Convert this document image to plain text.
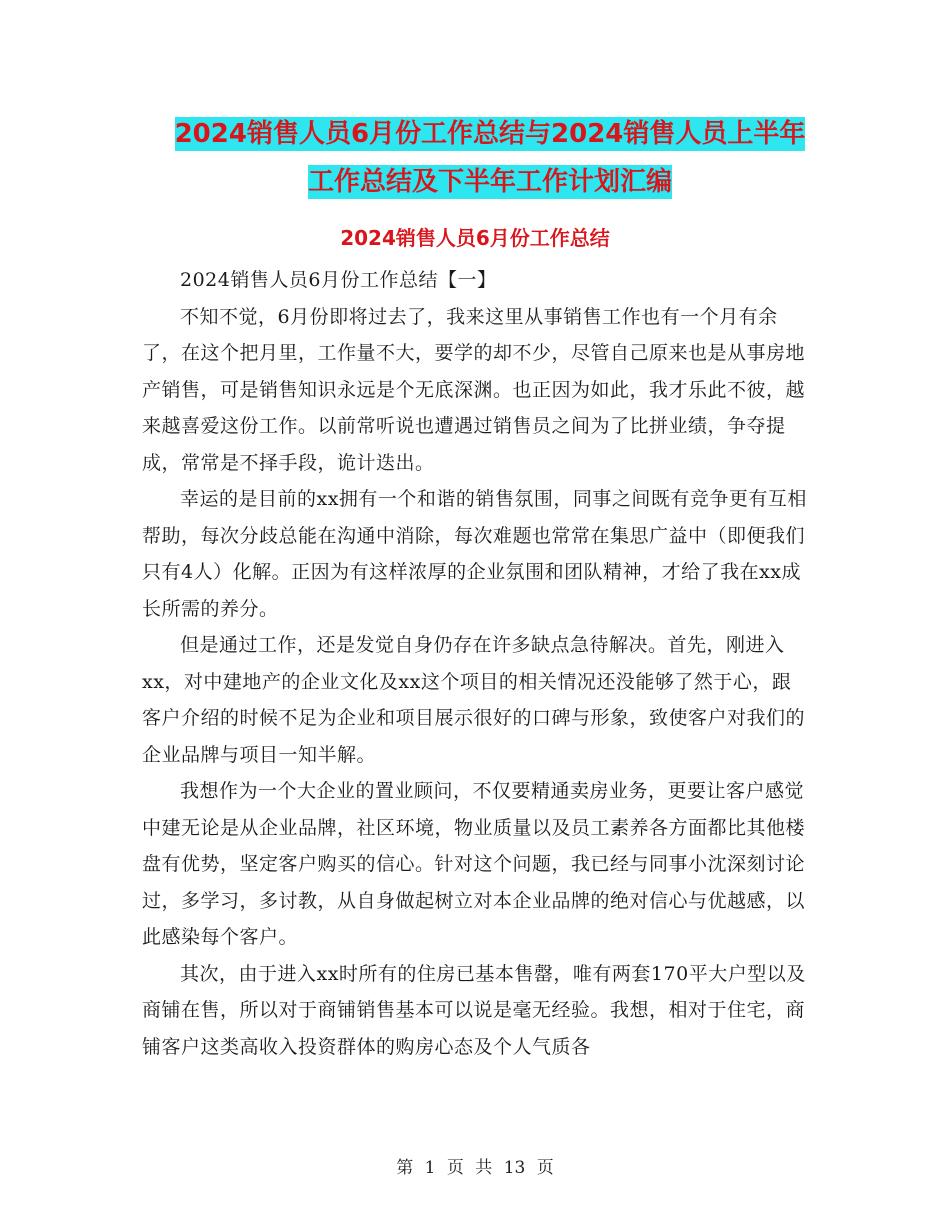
2024销售人员6月份工作总结与2024销售人员上半年
工作总结及下半年工作计划汇编
2024销售人员6月份工作总结

2024销售人员6月份工作总结【一】

不知不觉，6月份即将过去了，我来这里从事销售工作也有一个月有余了，在这个把月里，工作量不大，要学的却不少，尽管自己原来也是从事房地产销售，可是销售知识永远是个无底深渊。也正因为如此，我才乐此不彼，越来越喜爱这份工作。以前常听说也遭遇过销售员之间为了比拼业绩，争夺提成，常常是不择手段，诡计迭出。

幸运的是目前的xx拥有一个和谐的销售氛围，同事之间既有竞争更有互相帮助，每次分歧总能在沟通中消除，每次难题也常常在集思广益中（即便我们只有4人）化解。正因为有这样浓厚的企业氛围和团队精神，才给了我在xx成长所需的养分。

但是通过工作，还是发觉自身仍存在许多缺点急待解决。首先，刚进入xx，对中建地产的企业文化及xx这个项目的相关情况还没能够了然于心，跟客户介绍的时候不足为企业和项目展示很好的口碑与形象，致使客户对我们的企业品牌与项目一知半解。

我想作为一个大企业的置业顾问，不仅要精通卖房业务，更要让客户感觉中建无论是从企业品牌，社区环境，物业质量以及员工素养各方面都比其他楼盘有优势，坚定客户购买的信心。针对这个问题，我已经与同事小沈深刻讨论过，多学习，多讨教，从自身做起树立对本企业品牌的绝对信心与优越感，以此感染每个客户。

其次，由于进入xx时所有的住房已基本售罄，唯有两套170平大户型以及商铺在售，所以对于商铺销售基本可以说是毫无经验。我想，相对于住宅，商铺客户这类高收入投资群体的购房心态及个人气质各

第 1 页 共 13 页
